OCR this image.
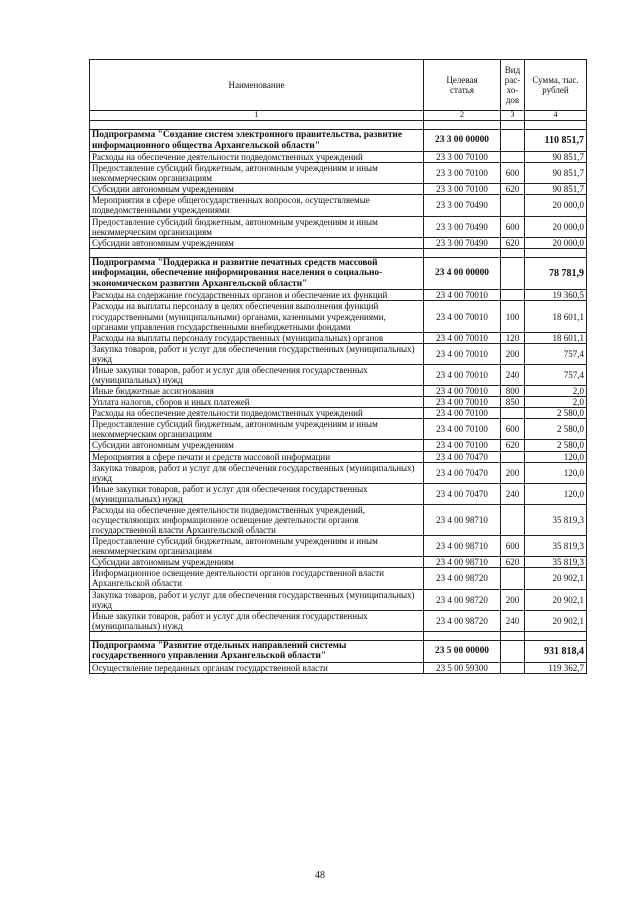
Наименование	Целевая статья	Вид рас- хо- дов	Сумма, тыс. рублей
1	2	3	4

Подпрограмма "Создание систем электронного правительства, развитие информационного общества Архангельской области"	23 3 00 00000		110 851,7
Расходы на обеспечение деятельности подведомственных учреждений	23 3 00 70100		90 851,7
Предоставление субсидий бюджетным, автономным учреждениям и иным некоммерческим организациям	23 3 00 70100	600	90 851,7
Субсидии автономным учреждениям	23 3 00 70100	620	90 851,7
Мероприятия в сфере общегосударственных вопросов, осуществляемые подведомственными учреждениями	23 3 00 70490		20 000,0
Предоставление субсидий бюджетным, автономным учреждениям и иным некоммерческим организациям	23 3 00 70490	600	20 000,0
Субсидии автономным учреждениям	23 3 00 70490	620	20 000,0

Подпрограмма "Поддержка и развитие печатных средств массовой информации, обеспечение информирования населения о социально-экономическом развитии Архангельской области"	23 4 00 00000		78 781,9
Расходы на содержание государственных органов и обеспечение их функций	23 4 00 70010		19 360,5
Расходы на выплаты персоналу в целях обеспечения выполнения функций государственными (муниципальными) органами, казенными учреждениями, органами управления государственными внебюджетными фондами	23 4 00 70010	100	18 601,1
Расходы на выплаты персоналу государственных (муниципальных) органов	23 4 00 70010	120	18 601,1
Закупка товаров, работ и услуг для обеспечения государственных (муниципальных) нужд	23 4 00 70010	200	757,4
Иные закупки товаров, работ и услуг для обеспечения государственных (муниципальных) нужд	23 4 00 70010	240	757,4
Иные бюджетные ассигнования	23 4 00 70010	800	2,0
Уплата налогов, сборов и иных платежей	23 4 00 70010	850	2,0
Расходы на обеспечение деятельности подведомственных учреждений	23 4 00 70100		2 580,0
Предоставление субсидий бюджетным, автономным учреждениям и иным некоммерческим организациям	23 4 00 70100	600	2 580,0
Субсидии автономным учреждениям	23 4 00 70100	620	2 580,0
Мероприятия в сфере печати и средств массовой информации	23 4 00 70470		120,0
Закупка товаров, работ и услуг для обеспечения государственных (муниципальных) нужд	23 4 00 70470	200	120,0
Иные закупки товаров, работ и услуг для обеспечения государственных (муниципальных) нужд	23 4 00 70470	240	120,0
Расходы на обеспечение деятельности подведомственных учреждений, осуществляющих информационное освещение деятельности органов государственной власти Архангельской области	23 4 00 98710		35 819,3
Предоставление субсидий бюджетным, автономным учреждениям и иным некоммерческим организациям	23 4 00 98710	600	35 819,3
Субсидии автономным учреждениям	23 4 00 98710	620	35 819,3
Информационное освещение деятельности органов государственной власти Архангельской области	23 4 00 98720		20 902,1
Закупка товаров, работ и услуг для обеспечения государственных (муниципальных) нужд	23 4 00 98720	200	20 902,1
Иные закупки товаров, работ и услуг для обеспечения государственных (муниципальных) нужд	23 4 00 98720	240	20 902,1

Подпрограмма "Развитие отдельных направлений системы государственного управления Архангельской области"	23 5 00 00000		931 818,4
Осуществление переданных органам государственной власти	23 5 00 59300		119 362,7
48
